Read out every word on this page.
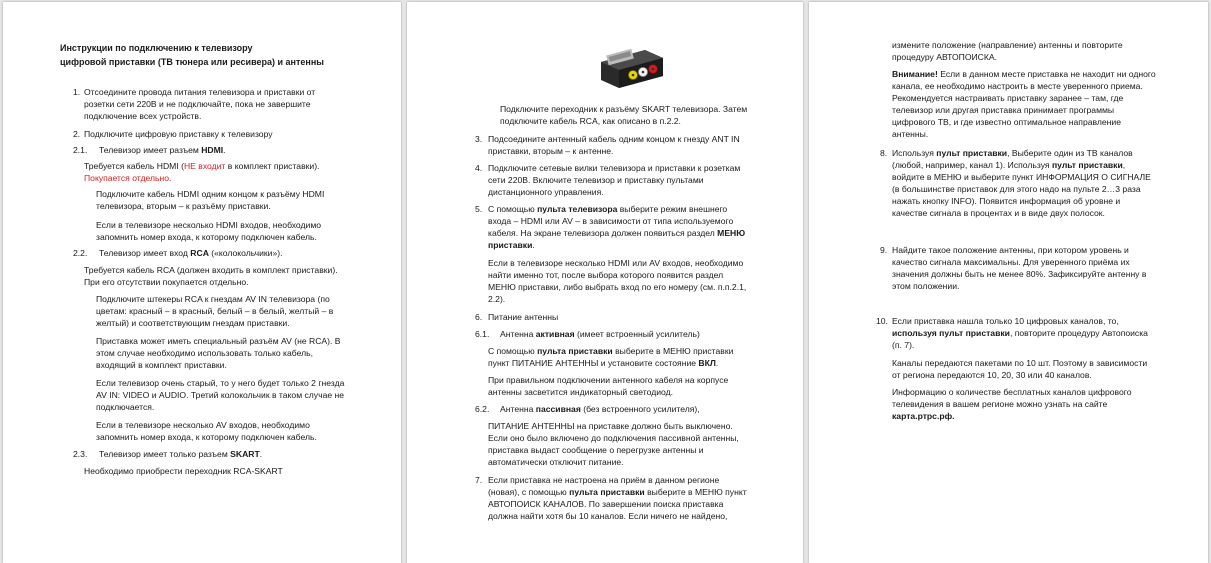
Инструкции по подключению к телевизору
цифровой приставки (ТВ тюнера или ресивера) и антенны
1. Отсоедините провода питания телевизора и приставки от
розетки сети 220В и не подключайте, пока не завершите
подключение всех устройств.
2. Подключите цифровую приставку к телевизору
2.1. Телевизор имеет разъем HDMI.
Требуется кабель HDMI (НЕ входит в комплект приставки).
Покупается отдельно.
Подключите кабель HDMI одним концом к разъёму HDMI
телевизора, вторым – к разъёму приставки.
Если в телевизоре несколько HDMI входов, необходимо
запомнить номер входа, к которому подключен кабель.
2.2. Телевизор имеет вход RCA («колокольчики»).
Требуется кабель RCA (должен входить в комплект приставки).
При его отсутствии покупается отдельно.
Подключите штекеры RCA к гнездам AV IN телевизора (по
цветам: красный – в красный, белый – в белый, желтый – в
желтый) и соответствующим гнездам приставки.
Приставка может иметь специальный разъём AV (не RCA). В
этом случае необходимо использовать только кабель,
входящий в комплект приставки.
Если телевизор очень старый, то у него будет только 2 гнезда
AV IN: VIDEO и AUDIO. Третий колокольчик в таком случае не
подключается.
Если в телевизоре несколько AV входов, необходимо
запомнить номер входа, к которому подключен кабель.
2.3. Телевизор имеет только разъем SKART.
Необходимо приобрести переходник RCA-SKART
Подключите переходник к разъёму SKART телевизора. Затем
подключите кабель RCA, как описано в п.2.2.
3. Подсоедините антенный кабель одним концом к гнезду ANT IN
приставки, вторым – к антенне.
4. Подключите сетевые вилки телевизора и приставки к розеткам
сети 220В. Включите телевизор и приставку пультами
дистанционного управления.
5. С помощью пульта телевизора выберите режим внешнего
входа – HDMI или AV – в зависимости от типа используемого
кабеля. На экране телевизора должен появиться раздел МЕНЮ
приставки.
Если в телевизоре несколько HDMI или AV входов, необходимо
найти именно тот, после выбора которого появится раздел
МЕНЮ приставки, либо выбрать вход по его номеру (см. п.п.2.1,
2.2).
6. Питание антенны
6.1. Антенна активная (имеет встроенный усилитель)
С помощью пульта приставки выберите в МЕНЮ приставки
пункт ПИТАНИЕ АНТЕННЫ и установите состояние ВКЛ.
При правильном подключении антенного кабеля на корпусе
антенны засветится индикаторный светодиод.
6.2. Антенна пассивная (без встроенного усилителя),
ПИТАНИЕ АНТЕННЫ на приставке должно быть выключено.
Если оно было включено до подключения пассивной антенны,
приставка выдаст сообщение о перегрузке антенны и
автоматически отключит питание.
7. Если приставка не настроена на приём в данном регионе
(новая), с помощью пульта приставки выберите в МЕНЮ пункт
АВТОПОИСК КАНАЛОВ. По завершении поиска приставка
должна найти хотя бы 10 каналов. Если ничего не найдено,
измените положение (направление) антенны и повторите
процедуру АВТОПОИСКА.
Внимание! Если в данном месте приставка не находит ни одного
канала, ее необходимо настроить в месте уверенного приема.
Рекомендуется настраивать приставку заранее – там, где
телевизор или другая приставка принимает программы
цифрового ТВ, и где известно оптимальное направление
антенны.
8. Используя пульт приставки, Выберите один из ТВ каналов
(любой, например, канал 1). Используя пульт приставки,
войдите в МЕНЮ и выберите пункт ИНФОРМАЦИЯ О СИГНАЛЕ
(в большинстве приставок для этого надо на пульте 2…3 раза
нажать кнопку INFO). Появится информация об уровне и
качестве сигнала в процентах и в виде двух полосок.
9. Найдите такое положение антенны, при котором уровень и
качество сигнала максимальны. Для уверенного приёма их
значения должны быть не менее 80%. Зафиксируйте антенну в
этом положении.
10. Если приставка нашла только 10 цифровых каналов, то,
используя пульт приставки, повторите процедуру Автопоиска
(п. 7).
Каналы передаются пакетами по 10 шт. Поэтому в зависимости
от региона передаются 10, 20, 30 или 40 каналов.
Информацию о количестве бесплатных каналов цифрового
телевидения в вашем регионе можно узнать на сайте
карта.ртрс.рф.
